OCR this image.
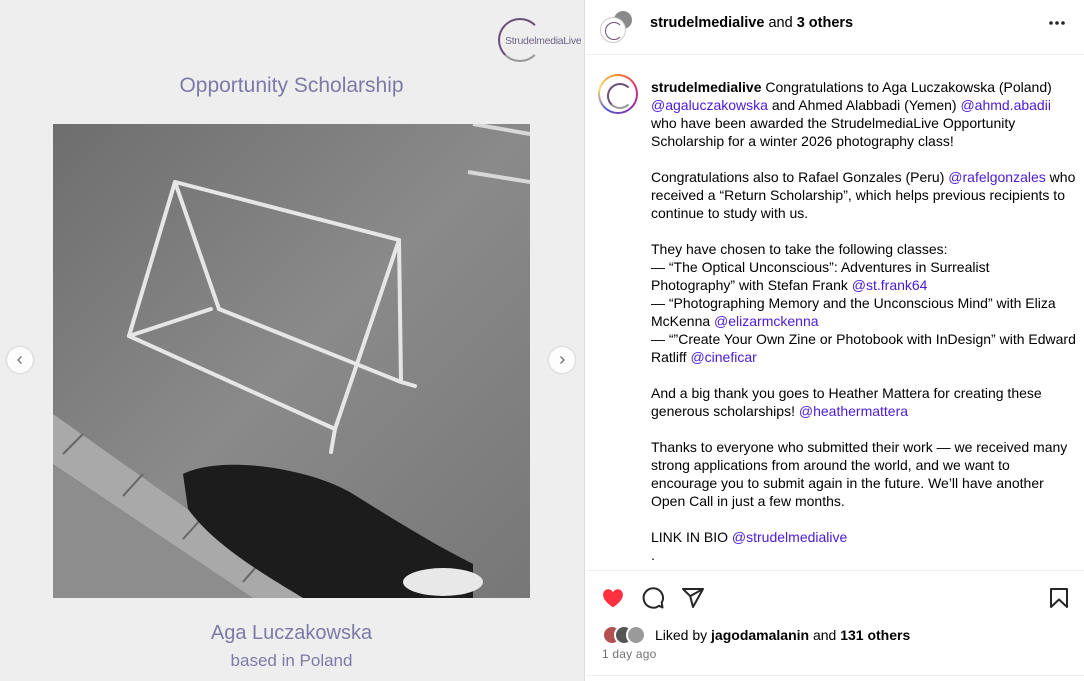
StrudelmediaLive
Opportunity Scholarship
Aga Luczakowska
based in Poland
strudelmedialive and 3 others

strudelmedialive Congratulations to Aga Luczakowska (Poland) @agaluczakowska and Ahmed Alabbadi (Yemen) @ahmd.abadii who have been awarded the StrudelmediaLive Opportunity Scholarship for a winter 2026 photography class!

Congratulations also to Rafael Gonzales (Peru) @rafelgonzales who received a “Return Scholarship”, which helps previous recipients to continue to study with us.

They have chosen to take the following classes:

— “The Optical Unconscious”: Adventures in Surrealist Photography” with Stefan Frank @st.frank64

— “Photographing Memory and the Unconscious Mind” with Eliza McKenna @elizarmckenna

— “”Create Your Own Zine or Photobook with InDesign” with Edward Ratliff @cineficar

And a big thank you goes to Heather Mattera for creating these generous scholarships! @heathermattera

Thanks to everyone who submitted their work — we received many strong applications from around the world, and we want to encourage you to submit again in the future. We’ll have another Open Call in just a few months.

LINK IN BIO @strudelmedialive

.

Liked by jagodamalanin and 131 others
1 day ago
